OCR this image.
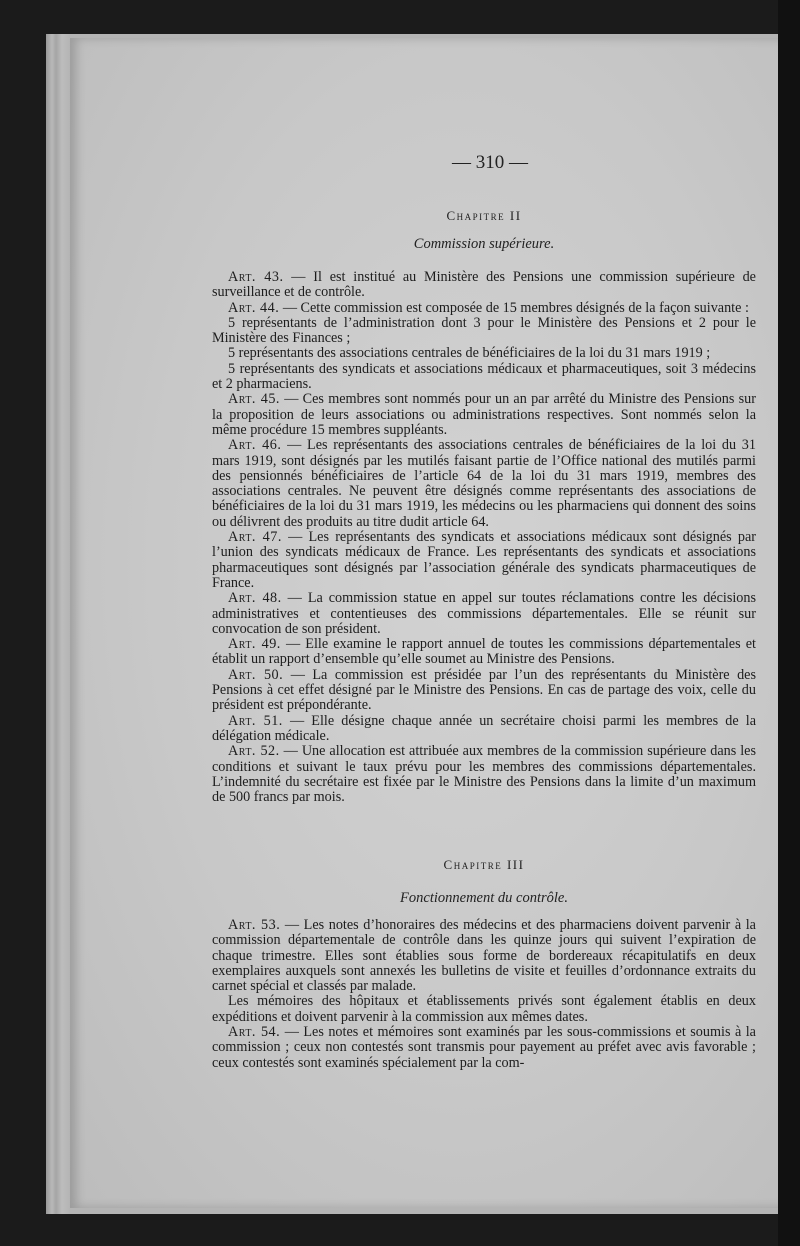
— 310 —
Chapitre II
Commission supérieure.

Art. 43. — Il est institué au Ministère des Pensions une commission supérieure de surveillance et de contrôle.

Art. 44. — Cette commission est composée de 15 membres désignés de la façon suivante :

5 représentants de l’administration dont 3 pour le Ministère des Pensions et 2 pour le Ministère des Finances ;

5 représentants des associations centrales de bénéficiaires de la loi du 31 mars 1919 ;

5 représentants des syndicats et associations médicaux et pharmaceutiques, soit 3 médecins et 2 pharmaciens.

Art. 45. — Ces membres sont nommés pour un an par arrêté du Ministre des Pensions sur la proposition de leurs associations ou administrations respectives. Sont nommés selon la même procédure 15 membres suppléants.

Art. 46. — Les représentants des associations centrales de bénéficiaires de la loi du 31 mars 1919, sont désignés par les mutilés faisant partie de l’Office national des mutilés parmi des pensionnés bénéficiaires de l’article 64 de la loi du 31 mars 1919, membres des associations centrales. Ne peuvent être désignés comme représentants des associations de bénéficiaires de la loi du 31 mars 1919, les médecins ou les pharmaciens qui donnent des soins ou délivrent des produits au titre dudit article 64.

Art. 47. — Les représentants des syndicats et associations médicaux sont désignés par l’union des syndicats médicaux de France. Les représentants des syndicats et associations pharmaceutiques sont désignés par l’association générale des syndicats pharmaceutiques de France.

Art. 48. — La commission statue en appel sur toutes réclamations contre les décisions administratives et contentieuses des commissions départementales. Elle se réunit sur convocation de son président.

Art. 49. — Elle examine le rapport annuel de toutes les commissions départementales et établit un rapport d’ensemble qu’elle soumet au Ministre des Pensions.

Art. 50. — La commission est présidée par l’un des représentants du Ministère des Pensions à cet effet désigné par le Ministre des Pensions. En cas de partage des voix, celle du président est prépondérante.

Art. 51. — Elle désigne chaque année un secrétaire choisi parmi les membres de la délégation médicale.

Art. 52. — Une allocation est attribuée aux membres de la commission supérieure dans les conditions et suivant le taux prévu pour les membres des commissions départementales. L’indemnité du secrétaire est fixée par le Ministre des Pensions dans la limite d’un maximum de 500 francs par mois.

Chapitre III
Fonctionnement du contrôle.

Art. 53. — Les notes d’honoraires des médecins et des pharmaciens doivent parvenir à la commission départementale de contrôle dans les quinze jours qui suivent l’expiration de chaque trimestre. Elles sont établies sous forme de bordereaux récapitulatifs en deux exemplaires auxquels sont annexés les bulletins de visite et feuilles d’ordonnance extraits du carnet spécial et classés par malade.

Les mémoires des hôpitaux et établissements privés sont également établis en deux expéditions et doivent parvenir à la commission aux mêmes dates.

Art. 54. — Les notes et mémoires sont examinés par les sous-commissions et soumis à la commission ; ceux non contestés sont transmis pour payement au préfet avec avis favorable ; ceux contestés sont examinés spécialement par la com-
